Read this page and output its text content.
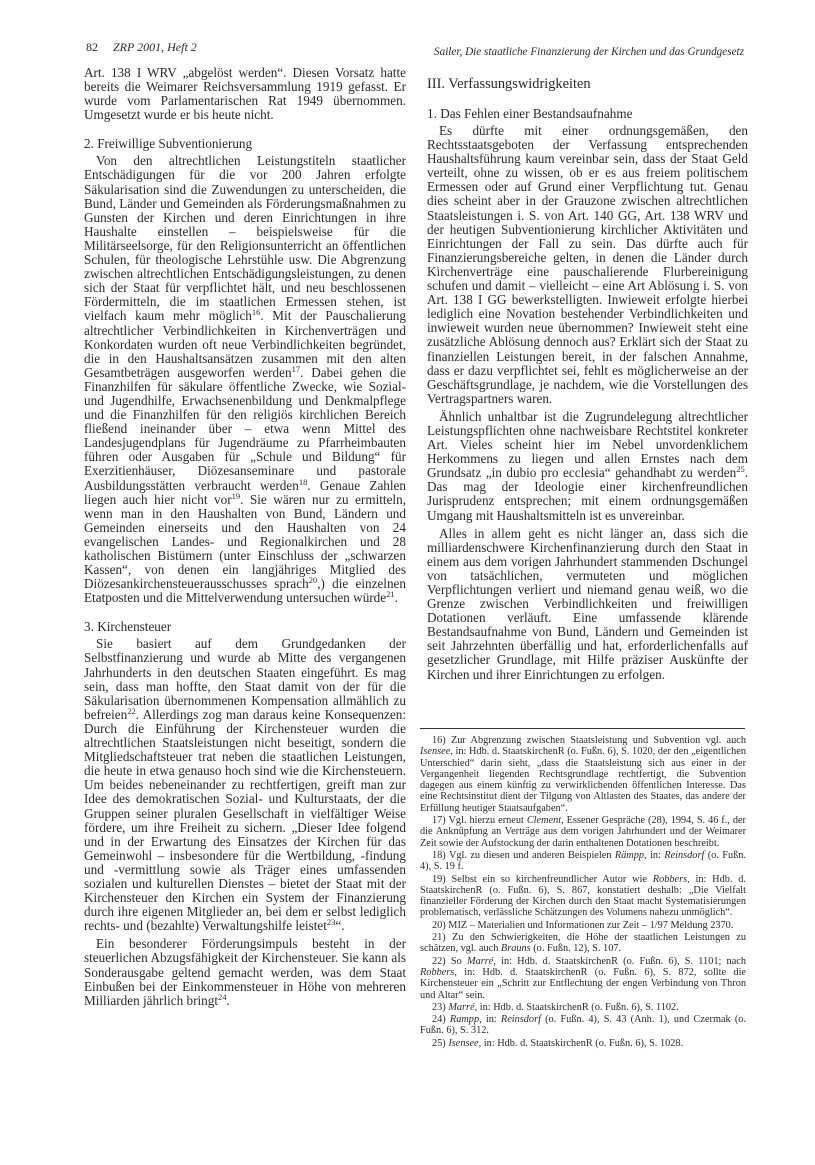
82 ZRP 2001, Heft 2	Sailer, Die staatliche Finanzierung der Kirchen und das Grundgesetz

Art. 138 I WRV „abgelöst werden“. Diesen Vorsatz hatte bereits die Weimarer Reichsversammlung 1919 gefasst. Er wurde vom Parlamentarischen Rat 1949 übernommen. Umgesetzt wurde er bis heute nicht.

2. Freiwillige Subventionierung

Von den altrechtlichen Leistungstiteln staatlicher Entschädigungen für die vor 200 Jahren erfolgte Säkularisation sind die Zuwendungen zu unterscheiden, die Bund, Länder und Gemeinden als Förderungsmaßnahmen zu Gunsten der Kirchen und deren Einrichtungen in ihre Haushalte einstellen – beispielsweise für die Militärseelsorge, für den Religionsunterricht an öffentlichen Schulen, für theologische Lehrstühle usw. Die Abgrenzung zwischen altrechtlichen Entschädigungsleistungen, zu denen sich der Staat für verpflichtet hält, und neu beschlossenen Fördermitteln, die im staatlichen Ermessen stehen, ist vielfach kaum mehr möglich$^{16}$. Mit der Pauschalierung altrechtlicher Verbindlichkeiten in Kirchenverträgen und Konkordaten wurden oft neue Verbindlichkeiten begründet, die in den Haushaltsansätzen zusammen mit den alten Gesamtbeträgen ausgeworfen werden$^{17}$. Dabei gehen die Finanzhilfen für säkulare öffentliche Zwecke, wie Sozial- und Jugendhilfe, Erwachsenenbildung und Denkmalpflege und die Finanzhilfen für den religiös kirchlichen Bereich fließend ineinander über – etwa wenn Mittel des Landesjugendplans für Jugendräume zu Pfarrheimbauten führen oder Ausgaben für „Schule und Bildung“ für Exerzitienhäuser, Diözesanseminare und pastorale Ausbildungsstätten verbraucht werden$^{18}$. Genaue Zahlen liegen auch hier nicht vor$^{19}$. Sie wären nur zu ermitteln, wenn man in den Haushalten von Bund, Ländern und Gemeinden einerseits und den Haushalten von 24 evangelischen Landes- und Regionalkirchen und 28 katholischen Bistümern (unter Einschluss der „schwarzen Kassen“, von denen ein langjähriges Mitglied des Diözesankirchensteuerausschusses sprach$^{20}$,) die einzelnen Etatposten und die Mittelverwendung untersuchen würde$^{21}$.

3. Kirchensteuer

Sie basiert auf dem Grundgedanken der Selbstfinanzierung und wurde ab Mitte des vergangenen Jahrhunderts in den deutschen Staaten eingeführt. Es mag sein, dass man hoffte, den Staat damit von der für die Säkularisation übernommenen Kompensation allmählich zu befreien$^{22}$. Allerdings zog man daraus keine Konsequenzen: Durch die Einführung der Kirchensteuer wurden die altrechtlichen Staatsleistungen nicht beseitigt, sondern die Mitgliedschaftsteuer trat neben die staatlichen Leistungen, die heute in etwa genauso hoch sind wie die Kirchensteuern. Um beides nebeneinander zu rechtfertigen, greift man zur Idee des demokratischen Sozial- und Kulturstaats, der die Gruppen seiner pluralen Gesellschaft in vielfältiger Weise fördere, um ihre Freiheit zu sichern. „Dieser Idee folgend und in der Erwartung des Einsatzes der Kirchen für das Gemeinwohl – insbesondere für die Wertbildung, -findung und -vermittlung sowie als Träger eines umfassenden sozialen und kulturellen Dienstes – bietet der Staat mit der Kirchensteuer den Kirchen ein System der Finanzierung durch ihre eigenen Mitglieder an, bei dem er selbst lediglich rechts- und (bezahlte) Verwaltungshilfe leistet$^{23}$“.

Ein besonderer Förderungsimpuls besteht in der steuerlichen Abzugsfähigkeit der Kirchensteuer. Sie kann als Sonderausgabe geltend gemacht werden, was dem Staat Einbußen bei der Einkommensteuer in Höhe von mehreren Milliarden jährlich bringt$^{24}$.

III. Verfassungswidrigkeiten
1. Das Fehlen einer Bestandsaufnahme

Es dürfte mit einer ordnungsgemäßen, den Rechtsstaatsgeboten der Verfassung entsprechenden Haushaltsführung kaum vereinbar sein, dass der Staat Geld verteilt, ohne zu wissen, ob er es aus freiem politischem Ermessen oder auf Grund einer Verpflichtung tut. Genau dies scheint aber in der Grauzone zwischen altrechtlichen Staatsleistungen i. S. von Art. 140 GG, Art. 138 WRV und der heutigen Subventionierung kirchlicher Aktivitäten und Einrichtungen der Fall zu sein. Das dürfte auch für Finanzierungsbereiche gelten, in denen die Länder durch Kirchenverträge eine pauschalierende Flurbereinigung schufen und damit – vielleicht – eine Art Ablösung i. S. von Art. 138 I GG bewerkstelligten. Inwieweit erfolgte hierbei lediglich eine Novation bestehender Verbindlichkeiten und inwieweit wurden neue übernommen? Inwieweit steht eine zusätzliche Ablösung dennoch aus? Erklärt sich der Staat zu finanziellen Leistungen bereit, in der falschen Annahme, dass er dazu verpflichtet sei, fehlt es möglicherweise an der Geschäftsgrundlage, je nachdem, wie die Vorstellungen des Vertragspartners waren.

Ähnlich unhaltbar ist die Zugrundelegung altrechtlicher Leistungspflichten ohne nachweisbare Rechtstitel konkreter Art. Vieles scheint hier im Nebel unvordenklichem Herkommens zu liegen und allen Ernstes nach dem Grundsatz „in dubio pro ecclesia“ gehandhabt zu werden$^{25}$. Das mag der Ideologie einer kirchenfreundlichen Jurisprudenz entsprechen; mit einem ordnungsgemäßen Umgang mit Haushaltsmitteln ist es unvereinbar.

Alles in allem geht es nicht länger an, dass sich die milliardenschwere Kirchenfinanzierung durch den Staat in einem aus dem vorigen Jahrhundert stammenden Dschungel von tatsächlichen, vermuteten und möglichen Verpflichtungen verliert und niemand genau weiß, wo die Grenze zwischen Verbindlichkeiten und freiwilligen Dotationen verläuft. Eine umfassende klärende Bestandsaufnahme von Bund, Ländern und Gemeinden ist seit Jahrzehnten überfällig und hat, erforderlichenfalls auf gesetzlicher Grundlage, mit Hilfe präziser Auskünfte der Kirchen und ihrer Einrichtungen zu erfolgen.

16) Zur Abgrenzung zwischen Staatsleistung und Subvention vgl. auch Isensee, in: Hdb. d. StaatskirchenR (o. Fußn. 6), S. 1020, der den „eigentlichen Unterschied“ darin sieht, „dass die Staatsleistung sich aus einer in der Vergangenheit liegenden Rechtsgrundlage rechtfertigt, die Subvention dagegen aus einem künftig zu verwirklichenden öffentlichen Interesse. Das eine Rechtsinstitut dient der Tilgung von Altlasten des Staates, das andere der Erfüllung heutiger Staatsaufgaben“.

17) Vgl. hierzu erneut Clement, Essener Gespräche (28), 1994, S. 46 f., der die Anknüpfung an Verträge aus dem vorigen Jahrhundert und der Weimarer Zeit sowie der Aufstockung der darin enthaltenen Dotationen beschreibt.

18) Vgl. zu diesen und anderen Beispielen Rämpp, in: Reinsdorf (o. Fußn. 4), S. 19 f.

19) Selbst ein so kirchenfreundlicher Autor wie Robbers, in: Hdb. d. StaatskirchenR (o. Fußn. 6), S. 867, konstatiert deshalb: „Die Vielfalt finanzieller Förderung der Kirchen durch den Staat macht Systematisierungen problematisch, verlässliche Schätzungen des Volumens nahezu unmöglich“.

20) MIZ – Materialien und Informationen zur Zeit – 1/97 Meldung 2370.

21) Zu den Schwierigkeiten, die Höhe der staatlichen Leistungen zu schätzen, vgl. auch Brauns (o. Fußn. 12), S. 107.

22) So Marré, in: Hdb. d. StaatskirchenR (o. Fußn. 6), S. 1101; nach Robbers, in: Hdb. d. StaatskirchenR (o. Fußn. 6), S. 872, sollte die Kirchensteuer ein „Schritt zur Entflechtung der engen Verbindung von Thron und Altar“ sein.

23) Marré, in: Hdb. d. StaatskirchenR (o. Fußn. 6), S. 1102.

24) Rampp, in: Reinsdorf (o. Fußn. 4), S. 43 (Anh. 1), und Czermak (o. Fußn. 6), S. 312.

25) Isensee, in: Hdb. d. StaatskirchenR (o. Fußn. 6), S. 1028.
